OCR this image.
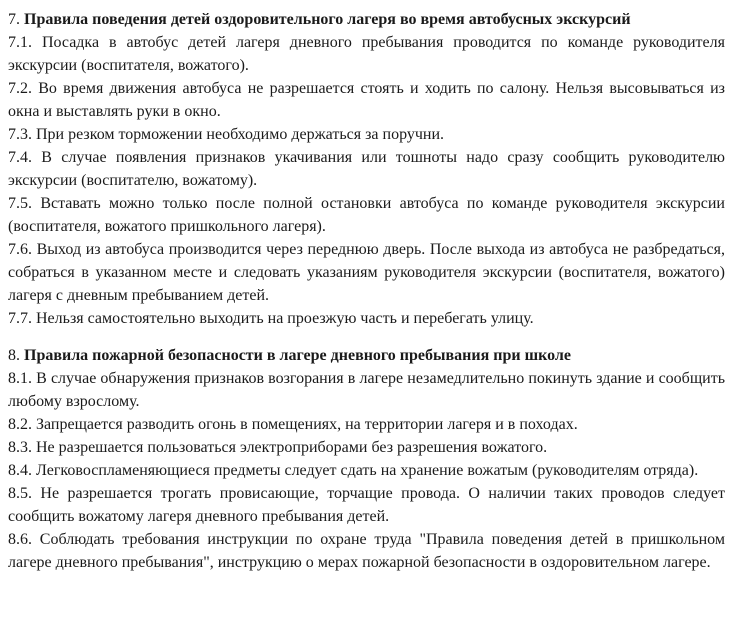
7. Правила поведения детей оздоровительного лагеря во время автобусных экскурсий

7.1. Посадка в автобус детей лагеря дневного пребывания проводится по команде руководителя экскурсии (воспитателя, вожатого).

7.2. Во время движения автобуса не разрешается стоять и ходить по салону. Нельзя высовываться из окна и выставлять руки в окно.

7.3. При резком торможении необходимо держаться за поручни.

7.4. В случае появления признаков укачивания или тошноты надо сразу сообщить руководителю экскурсии (воспитателю, вожатому).

7.5. Вставать можно только после полной остановки автобуса по команде руководителя экскурсии (воспитателя, вожатого пришкольного лагеря).

7.6. Выход из автобуса производится через переднюю дверь. После выхода из автобуса не разбредаться, собраться в указанном месте и следовать указаниям руководителя экскурсии (воспитателя, вожатого) лагеря с дневным пребыванием детей.

7.7. Нельзя самостоятельно выходить на проезжую часть и перебегать улицу.

8. Правила пожарной безопасности в лагере дневного пребывания при школе

8.1. В случае обнаружения признаков возгорания в лагере незамедлительно покинуть здание и сообщить любому взрослому.

8.2. Запрещается разводить огонь в помещениях, на территории лагеря и в походах.

8.3. Не разрешается пользоваться электроприборами без разрешения вожатого.

8.4. Легковоспламеняющиеся предметы следует сдать на хранение вожатым (руководителям отряда).

8.5. Не разрешается трогать провисающие, торчащие провода. О наличии таких проводов следует сообщить вожатому лагеря дневного пребывания детей.

8.6. Соблюдать требования инструкции по охране труда "Правила поведения детей в пришкольном лагере дневного пребывания", инструкцию о мерах пожарной безопасности в оздоровительном лагере.
